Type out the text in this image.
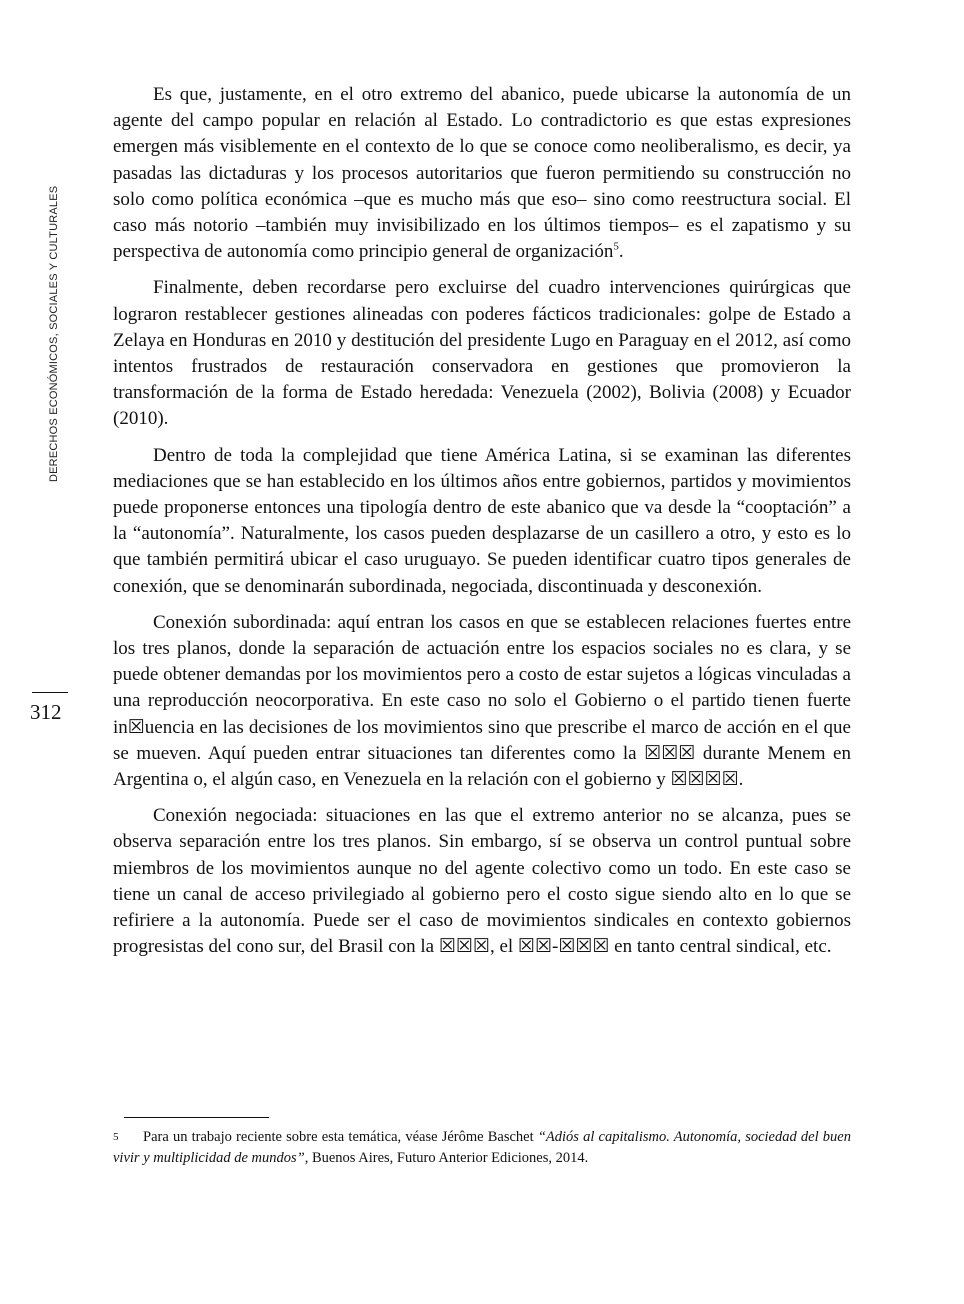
DERECHOS ECONÓMICOS, SOCIALES Y CULTURALES
312

Es que, justamente, en el otro extremo del abanico, puede ubicarse la autonomía de un agente del campo popular en relación al Estado. Lo contradictorio es que estas expresiones emergen más visiblemente en el contexto de lo que se conoce como neoliberalismo, es decir, ya pasadas las dictaduras y los procesos autoritarios que fueron permitiendo su construcción no solo como política económica –que es mucho más que eso– sino como reestructura social. El caso más notorio –también muy invisibilizado en los últimos tiempos– es el zapatismo y su perspectiva de autonomía como principio general de organización$^5$.

Finalmente, deben recordarse pero excluirse del cuadro intervenciones quirúrgicas que lograron restablecer gestiones alineadas con poderes fácticos tradicionales: golpe de Estado a Zelaya en Honduras en 2010 y destitución del presidente Lugo en Paraguay en el 2012, así como intentos frustrados de restauración conservadora en gestiones que promovieron la transformación de la forma de Estado heredada: Venezuela (2002), Bolivia (2008) y Ecuador (2010).

Dentro de toda la complejidad que tiene América Latina, si se examinan las diferentes mediaciones que se han establecido en los últimos años entre gobiernos, partidos y movimientos puede proponerse entonces una tipología dentro de este abanico que va desde la “cooptación” a la “autonomía”. Naturalmente, los casos pueden desplazarse de un casillero a otro, y esto es lo que también permitirá ubicar el caso uruguayo. Se pueden identificar cuatro tipos generales de conexión, que se denominarán subordinada, negociada, discontinuada y desconexión.

Conexión subordinada: aquí entran los casos en que se establecen relaciones fuertes entre los tres planos, donde la separación de actuación entre los espacios sociales no es clara, y se puede obtener demandas por los movimientos pero a costo de estar sujetos a lógicas vinculadas a una reproducción neocorporativa. En este caso no solo el Gobierno o el partido tienen fuerte in☒uencia en las decisiones de los movimientos sino que prescribe el marco de acción en el que se mueven. Aquí pueden entrar situaciones tan diferentes como la ☒☒☒ durante Menem en Argentina o, el algún caso, en Venezuela en la relación con el gobierno y ☒☒☒☒.

Conexión negociada: situaciones en las que el extremo anterior no se alcanza, pues se observa separación entre los tres planos. Sin embargo, sí se observa un control puntual sobre miembros de los movimientos aunque no del agente colectivo como un todo. En este caso se tiene un canal de acceso privilegiado al gobierno pero el costo sigue siendo alto en lo que se refiriere a la autonomía. Puede ser el caso de movimientos sindicales en contexto gobiernos progresistas del cono sur, del Brasil con la ☒☒☒, el ☒☒-☒☒☒ en tanto central sindical, etc.

5 Para un trabajo reciente sobre esta temática, véase Jérôme Baschet “Adiós al capitalismo. Autonomía, sociedad del buen vivir y multiplicidad de mundos”, Buenos Aires, Futuro Anterior Ediciones, 2014.
